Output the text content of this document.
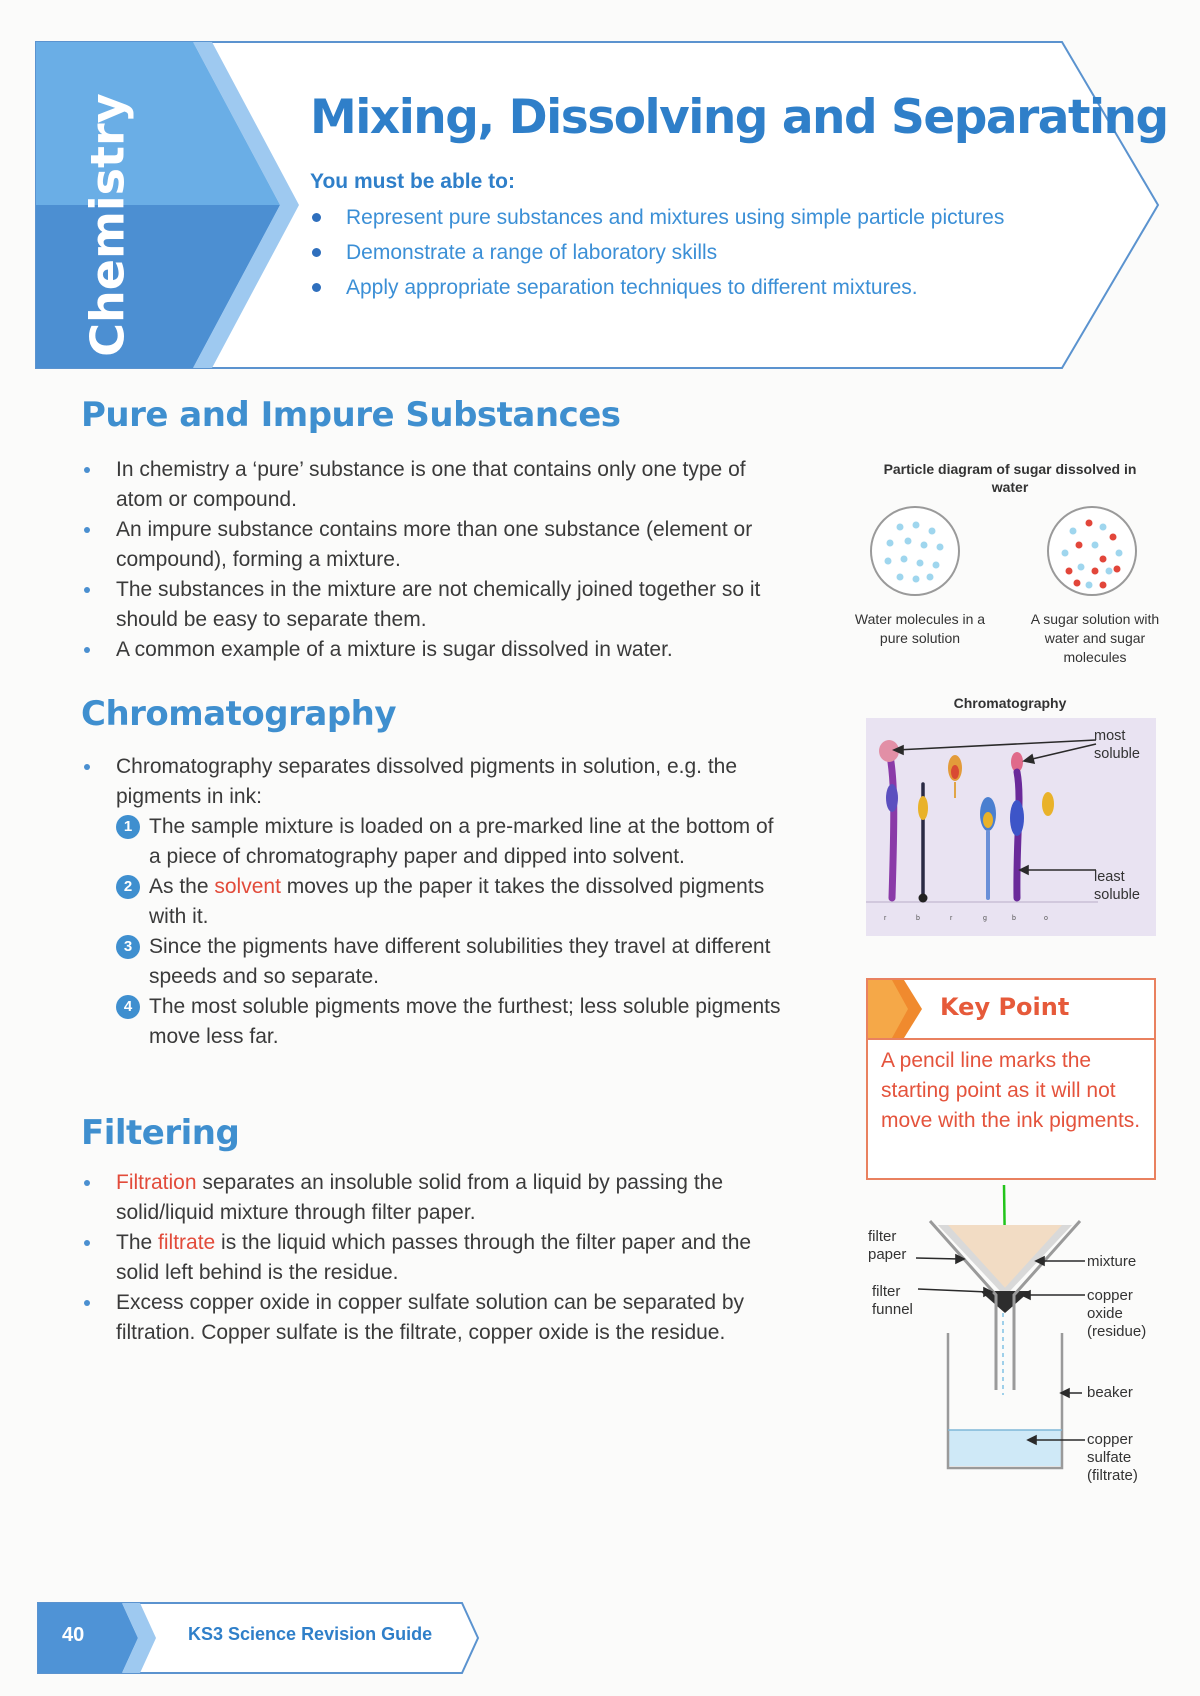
Chemistry	Mixing, Dissolving and Separating
You must be able to:
Represent pure substances and mixtures using simple particle pictures
Demonstrate a range of laboratory skills
Apply appropriate separation techniques to different mixtures.
Pure and Impure Substances
In chemistry a ‘pure’ substance is one that contains only one type of atom or compound.
An impure substance contains more than one substance (element or compound), forming a mixture.
The substances in the mixture are not chemically joined together so it should be easy to separate them.
A common example of a mixture is sugar dissolved in water.
Chromatography
Chromatography separates dissolved pigments in solution, e.g. the pigments in ink:
1 The sample mixture is loaded on a pre-marked line at the bottom of a piece of chromatography paper and dipped into solvent.
2 As the solvent moves up the paper it takes the dissolved pigments with it.
3 Since the pigments have different solubilities they travel at different speeds and so separate.
4 The most soluble pigments move the furthest; less soluble pigments move less far.
Filtering
Filtration separates an insoluble solid from a liquid by passing the solid/liquid mixture through filter paper.
The filtrate is the liquid which passes through the filter paper and the solid left behind is the residue.
Excess copper oxide in copper sulfate solution can be separated by filtration. Copper sulfate is the filtrate, copper oxide is the residue.
Particle diagram of sugar dissolved in water
Water molecules in a pure solution
A sugar solution with water and sugar molecules
Chromatography
r	b	r	g	b	o
most soluble
least soluble
Key Point
A pencil line marks the starting point as it will not move with the ink pigments.
filter paper
filter funnel
mixture
copper oxide (residue)
beaker
copper sulfate (filtrate)
40	KS3 Science Revision Guide
